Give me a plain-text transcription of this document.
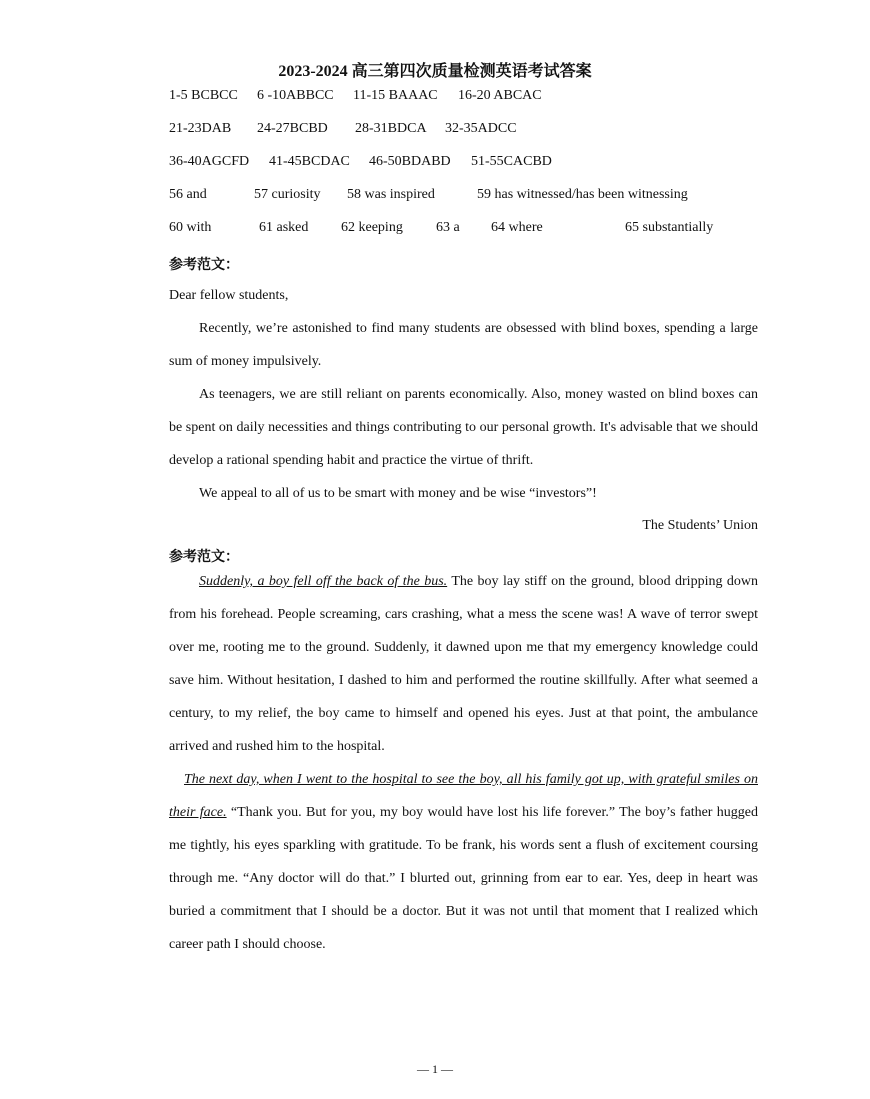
2023-2024 高三第四次质量检测英语考试答案
1-5 BCBCC 6 -10ABBCC 11-15 BAAAC 16-20 ABCAC
21-23DAB 24-27BCBD 28-31BDCA 32-35ADCC
36-40AGCFD 41-45BCDAC 46-50BDABD 51-55CACBD
56 and	57 curiosity 58 was inspired	59 has witnessed/has been witnessing
60 with	61 asked 62 keeping 63 a 64 where	65 substantially
参考范文：
Dear fellow students,
Recently, we’re astonished to find many students are obsessed with blind boxes, spending a large sum of money impulsively.
As teenagers, we are still reliant on parents economically. Also, money wasted on blind boxes can be spent on daily necessities and things contributing to our personal growth. It's advisable that we should develop a rational spending habit and practice the virtue of thrift.
We appeal to all of us to be smart with money and be wise “investors”!
The Students’ Union
参考范文：
Suddenly, a boy fell off the back of the bus. The boy lay stiff on the ground, blood dripping down from his forehead. People screaming, cars crashing, what a mess the scene was! A wave of terror swept over me, rooting me to the ground. Suddenly, it dawned upon me that my emergency knowledge could save him. Without hesitation, I dashed to him and performed the routine skillfully. After what seemed a century, to my relief, the boy came to himself and opened his eyes. Just at that point, the ambulance arrived and rushed him to the hospital.
The next day, when I went to the hospital to see the boy, all his family got up, with grateful smiles on their face. “Thank you. But for you, my boy would have lost his life forever.” The boy’s father hugged me tightly, his eyes sparkling with gratitude. To be frank, his words sent a flush of excitement coursing through me. “Any doctor will do that.” I blurted out, grinning from ear to ear. Yes, deep in heart was buried a commitment that I should be a doctor. But it was not until that moment that I realized which career path I should choose.
— 1 —
